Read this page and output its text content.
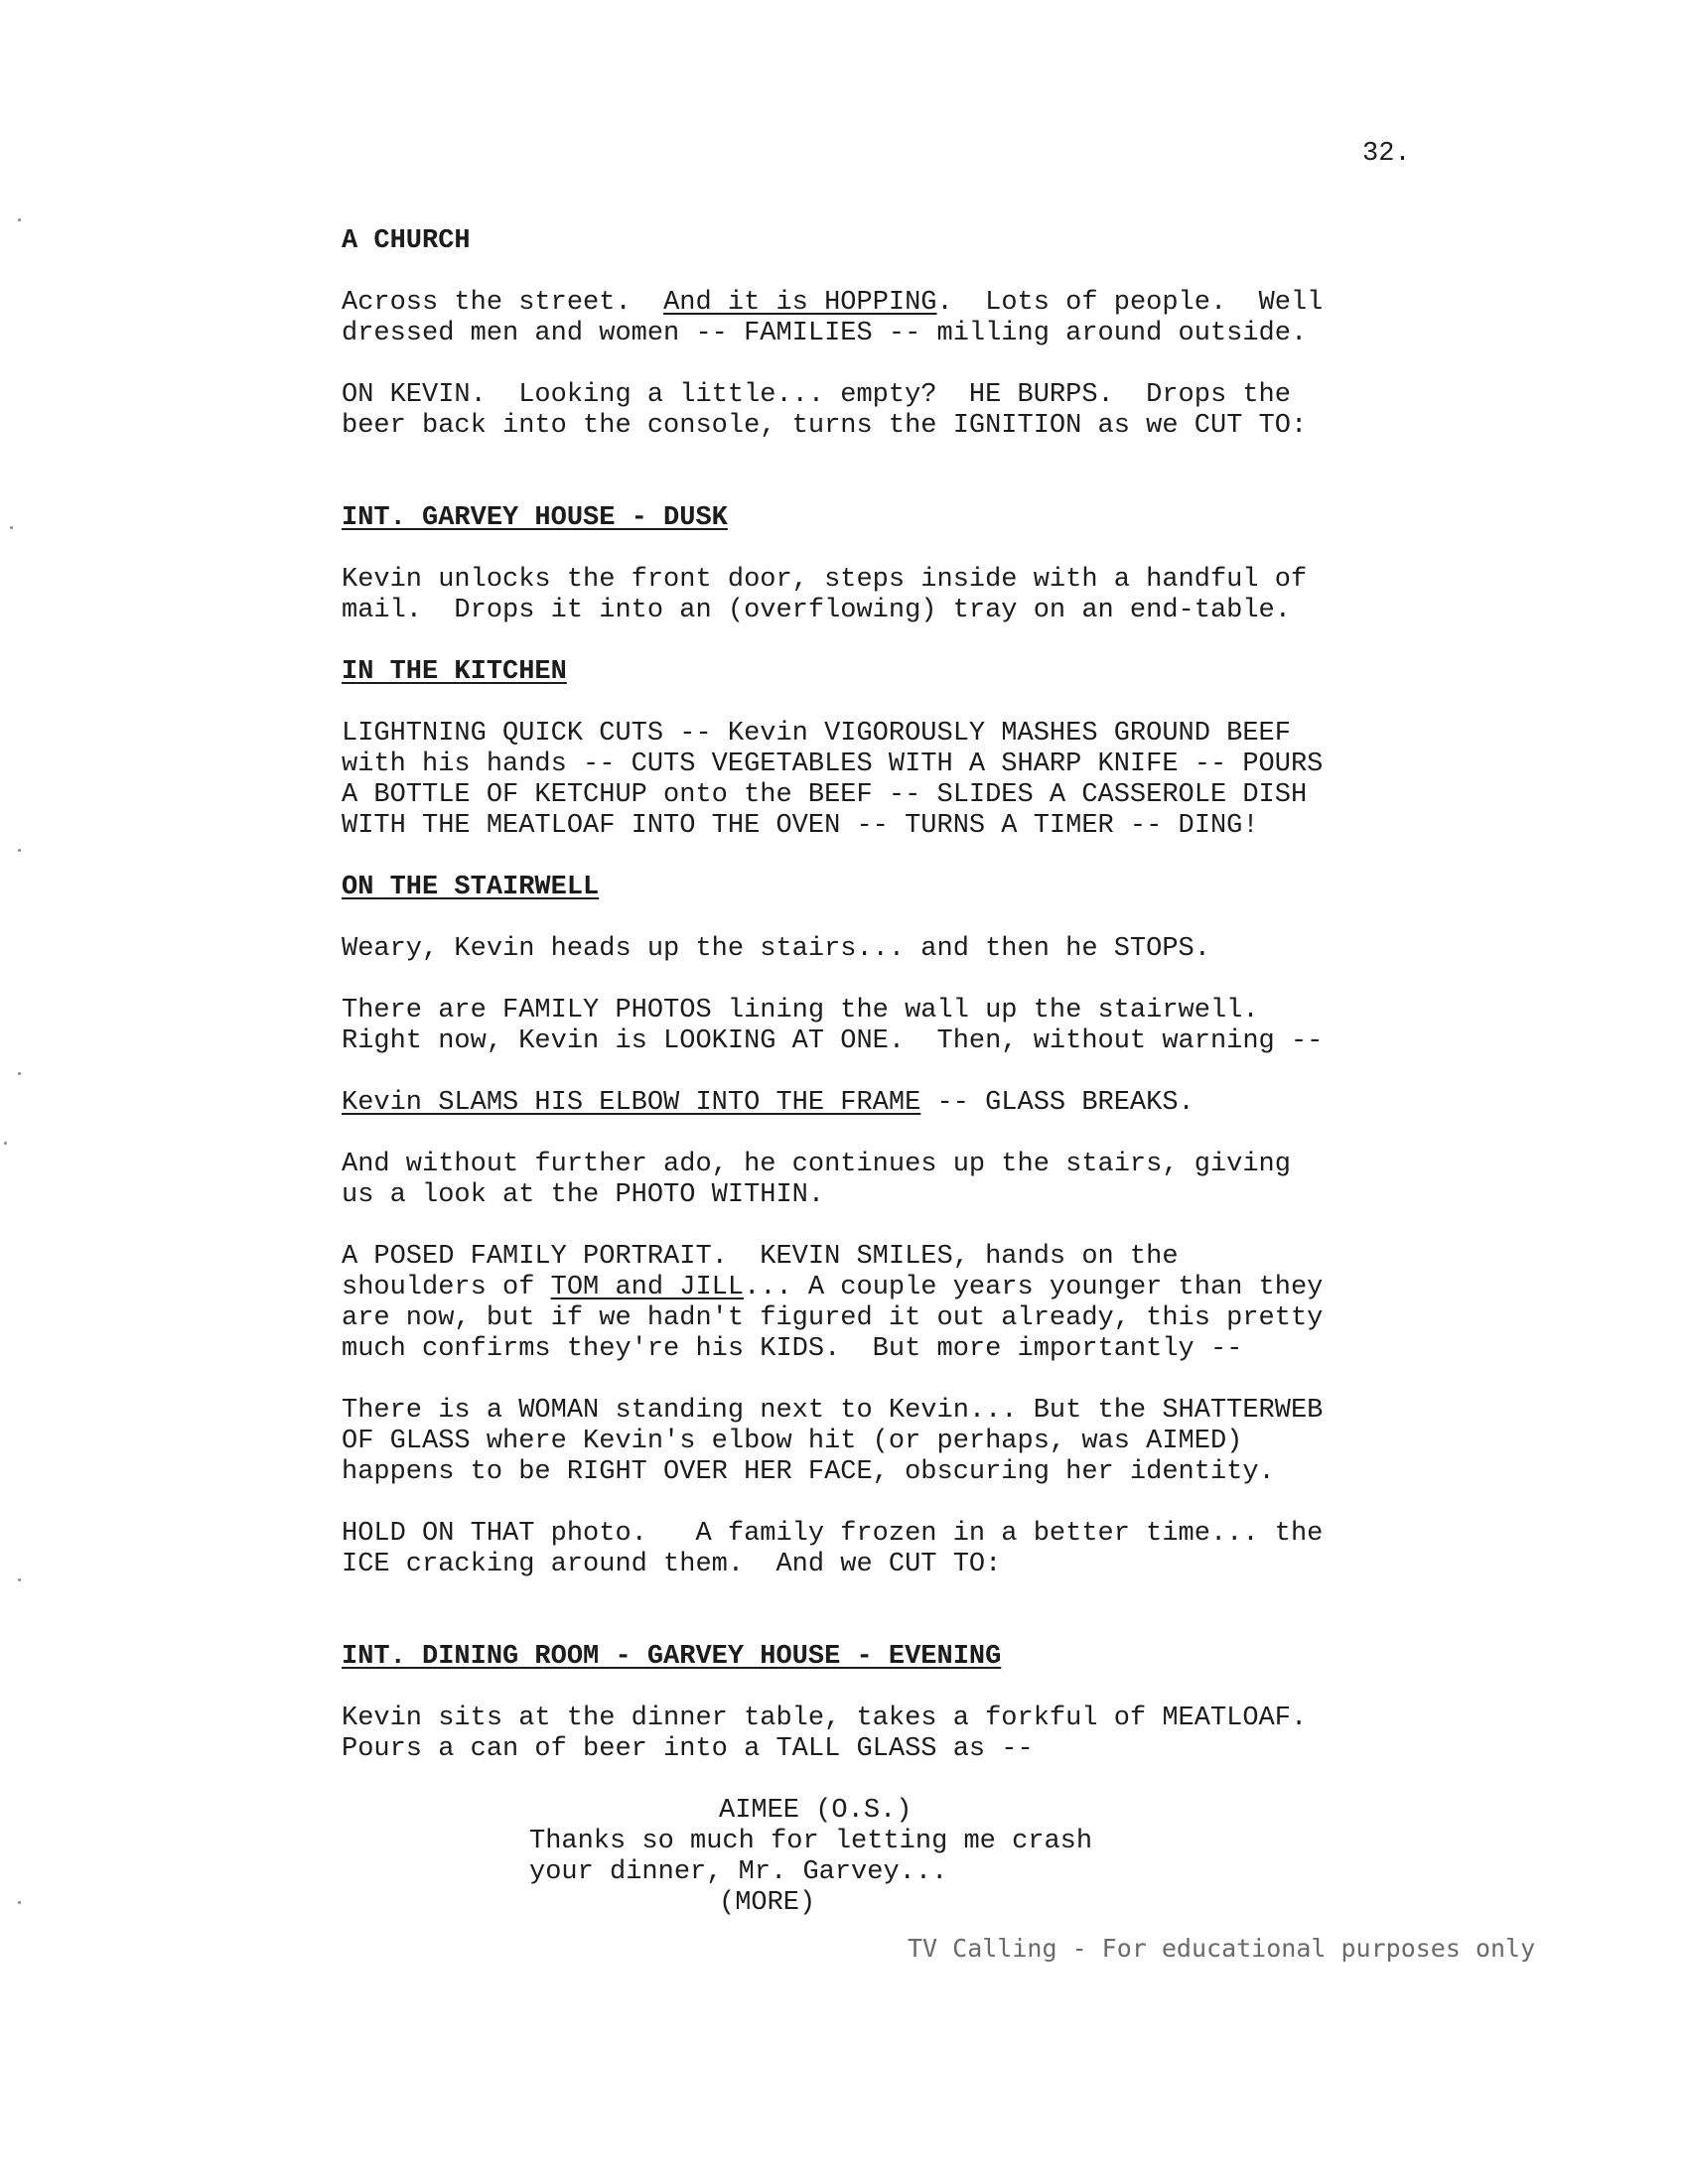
32.
A CHURCH
Across the street.  And it is HOPPING.  Lots of people.  Well
dressed men and women -- FAMILIES -- milling around outside.
ON KEVIN.  Looking a little... empty?  HE BURPS.  Drops the
beer back into the console, turns the IGNITION as we CUT TO:
INT. GARVEY HOUSE - DUSK
Kevin unlocks the front door, steps inside with a handful of
mail.  Drops it into an (overflowing) tray on an end-table.
IN THE KITCHEN
LIGHTNING QUICK CUTS -- Kevin VIGOROUSLY MASHES GROUND BEEF
with his hands -- CUTS VEGETABLES WITH A SHARP KNIFE -- POURS
A BOTTLE OF KETCHUP onto the BEEF -- SLIDES A CASSEROLE DISH
WITH THE MEATLOAF INTO THE OVEN -- TURNS A TIMER -- DING!
ON THE STAIRWELL
Weary, Kevin heads up the stairs... and then he STOPS.
There are FAMILY PHOTOS lining the wall up the stairwell.
Right now, Kevin is LOOKING AT ONE.  Then, without warning --
Kevin SLAMS HIS ELBOW INTO THE FRAME -- GLASS BREAKS.
And without further ado, he continues up the stairs, giving
us a look at the PHOTO WITHIN.
A POSED FAMILY PORTRAIT.  KEVIN SMILES, hands on the
shoulders of TOM and JILL... A couple years younger than they
are now, but if we hadn't figured it out already, this pretty
much confirms they're his KIDS.  But more importantly --
There is a WOMAN standing next to Kevin... But the SHATTERWEB
OF GLASS where Kevin's elbow hit (or perhaps, was AIMED)
happens to be RIGHT OVER HER FACE, obscuring her identity.
HOLD ON THAT photo.   A family frozen in a better time... the
ICE cracking around them.  And we CUT TO:
INT. DINING ROOM - GARVEY HOUSE - EVENING
Kevin sits at the dinner table, takes a forkful of MEATLOAF.
Pours a can of beer into a TALL GLASS as --
AIMEE (O.S.)
Thanks so much for letting me crash
your dinner, Mr. Garvey...
(MORE)
TV Calling - For educational purposes only
